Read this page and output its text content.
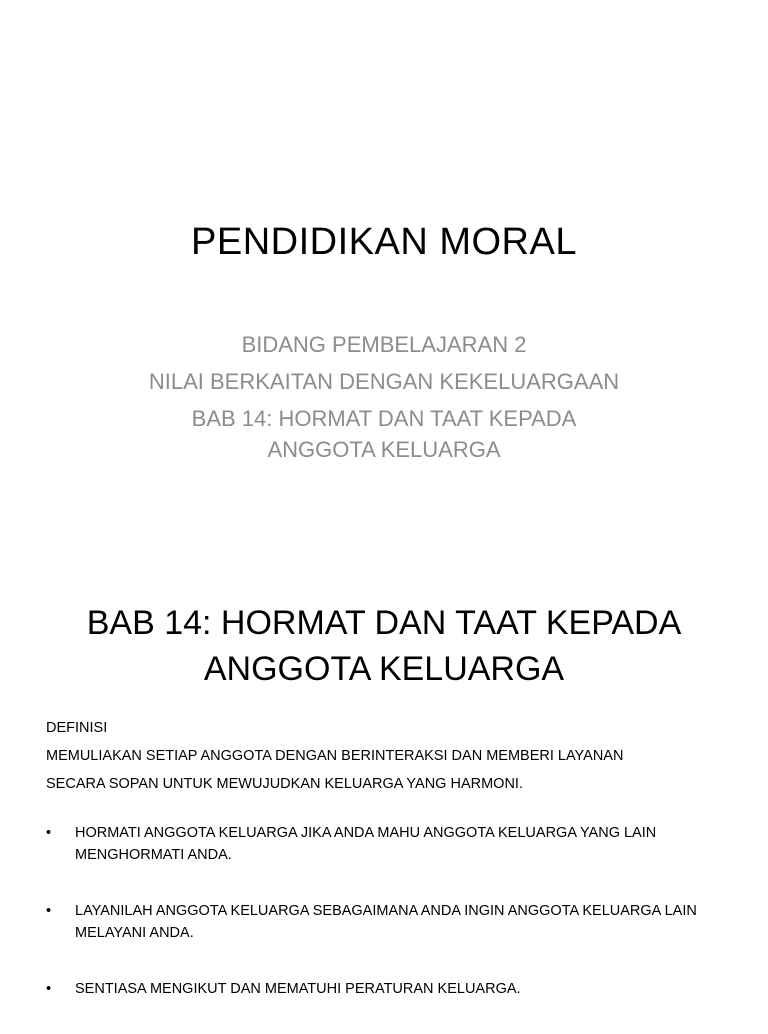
PENDIDIKAN MORAL
BIDANG PEMBELAJARAN 2
NILAI BERKAITAN DENGAN KEKELUARGAAN
BAB 14: HORMAT DAN TAAT KEPADA
ANGGOTA KELUARGA
BAB 14: HORMAT DAN TAAT KEPADA
ANGGOTA KELUARGA
DEFINISI
MEMULIAKAN SETIAP ANGGOTA DENGAN BERINTERAKSI DAN MEMBERI LAYANAN
SECARA SOPAN UNTUK MEWUJUDKAN KELUARGA YANG HARMONI.
• HORMATI ANGGOTA KELUARGA JIKA ANDA MAHU ANGGOTA KELUARGA YANG LAIN MENGHORMATI ANDA.
• LAYANILAH ANGGOTA KELUARGA SEBAGAIMANA ANDA INGIN ANGGOTA KELUARGA LAIN MELAYANI ANDA.
• SENTIASA MENGIKUT DAN MEMATUHI PERATURAN KELUARGA.
